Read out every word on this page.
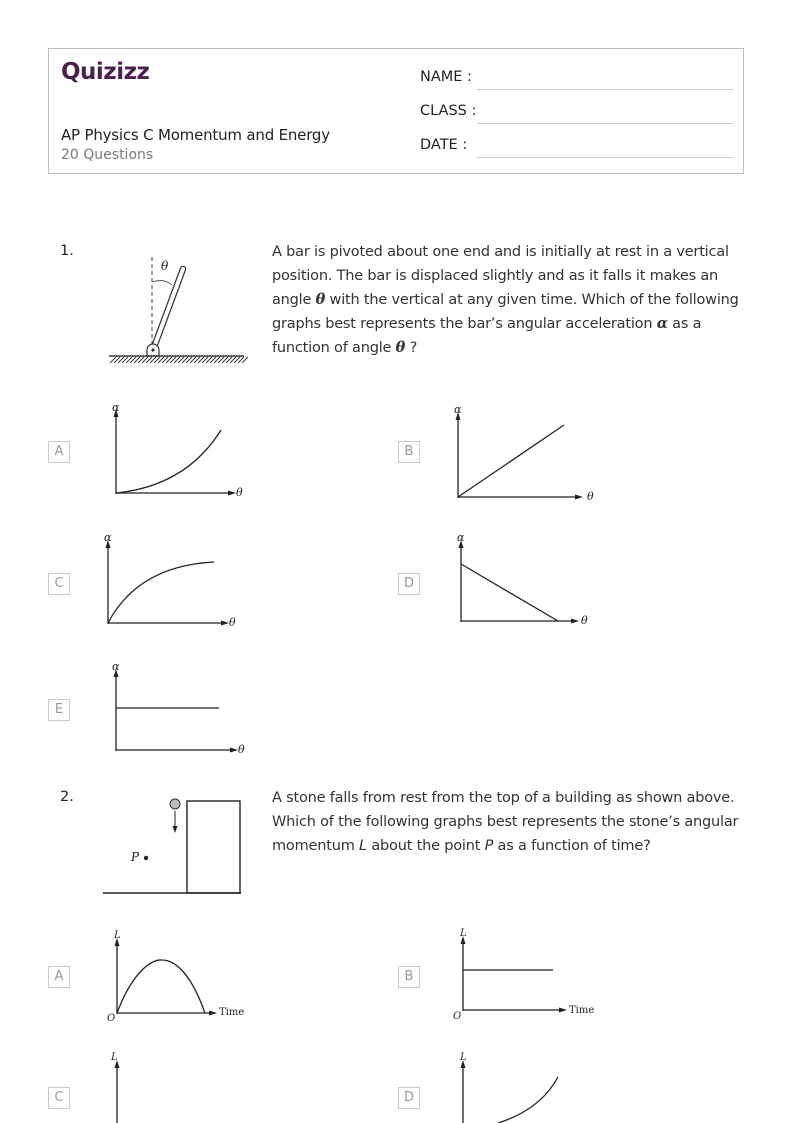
Quizizz
AP Physics C Momentum and Energy
20 Questions
NAME :
CLASS :
DATE :
1.
θ
A bar is pivoted about one end and is initially at rest in a vertical position. The bar is displaced slightly and as it falls it makes an angle θ with the vertical at any given time. Which of the following graphs best represents the bar’s angular acceleration α as a function of angle θ ?
A
α
θ
B
α
θ
C
α
θ
D
α
θ
E
α
θ
2.
P
A stone falls from rest from the top of a building as shown above. Which of the following graphs best represents the stone’s angular momentum L about the point P as a function of time?
A
L
Time
O
B
L
Time
O
C
L
D
L
